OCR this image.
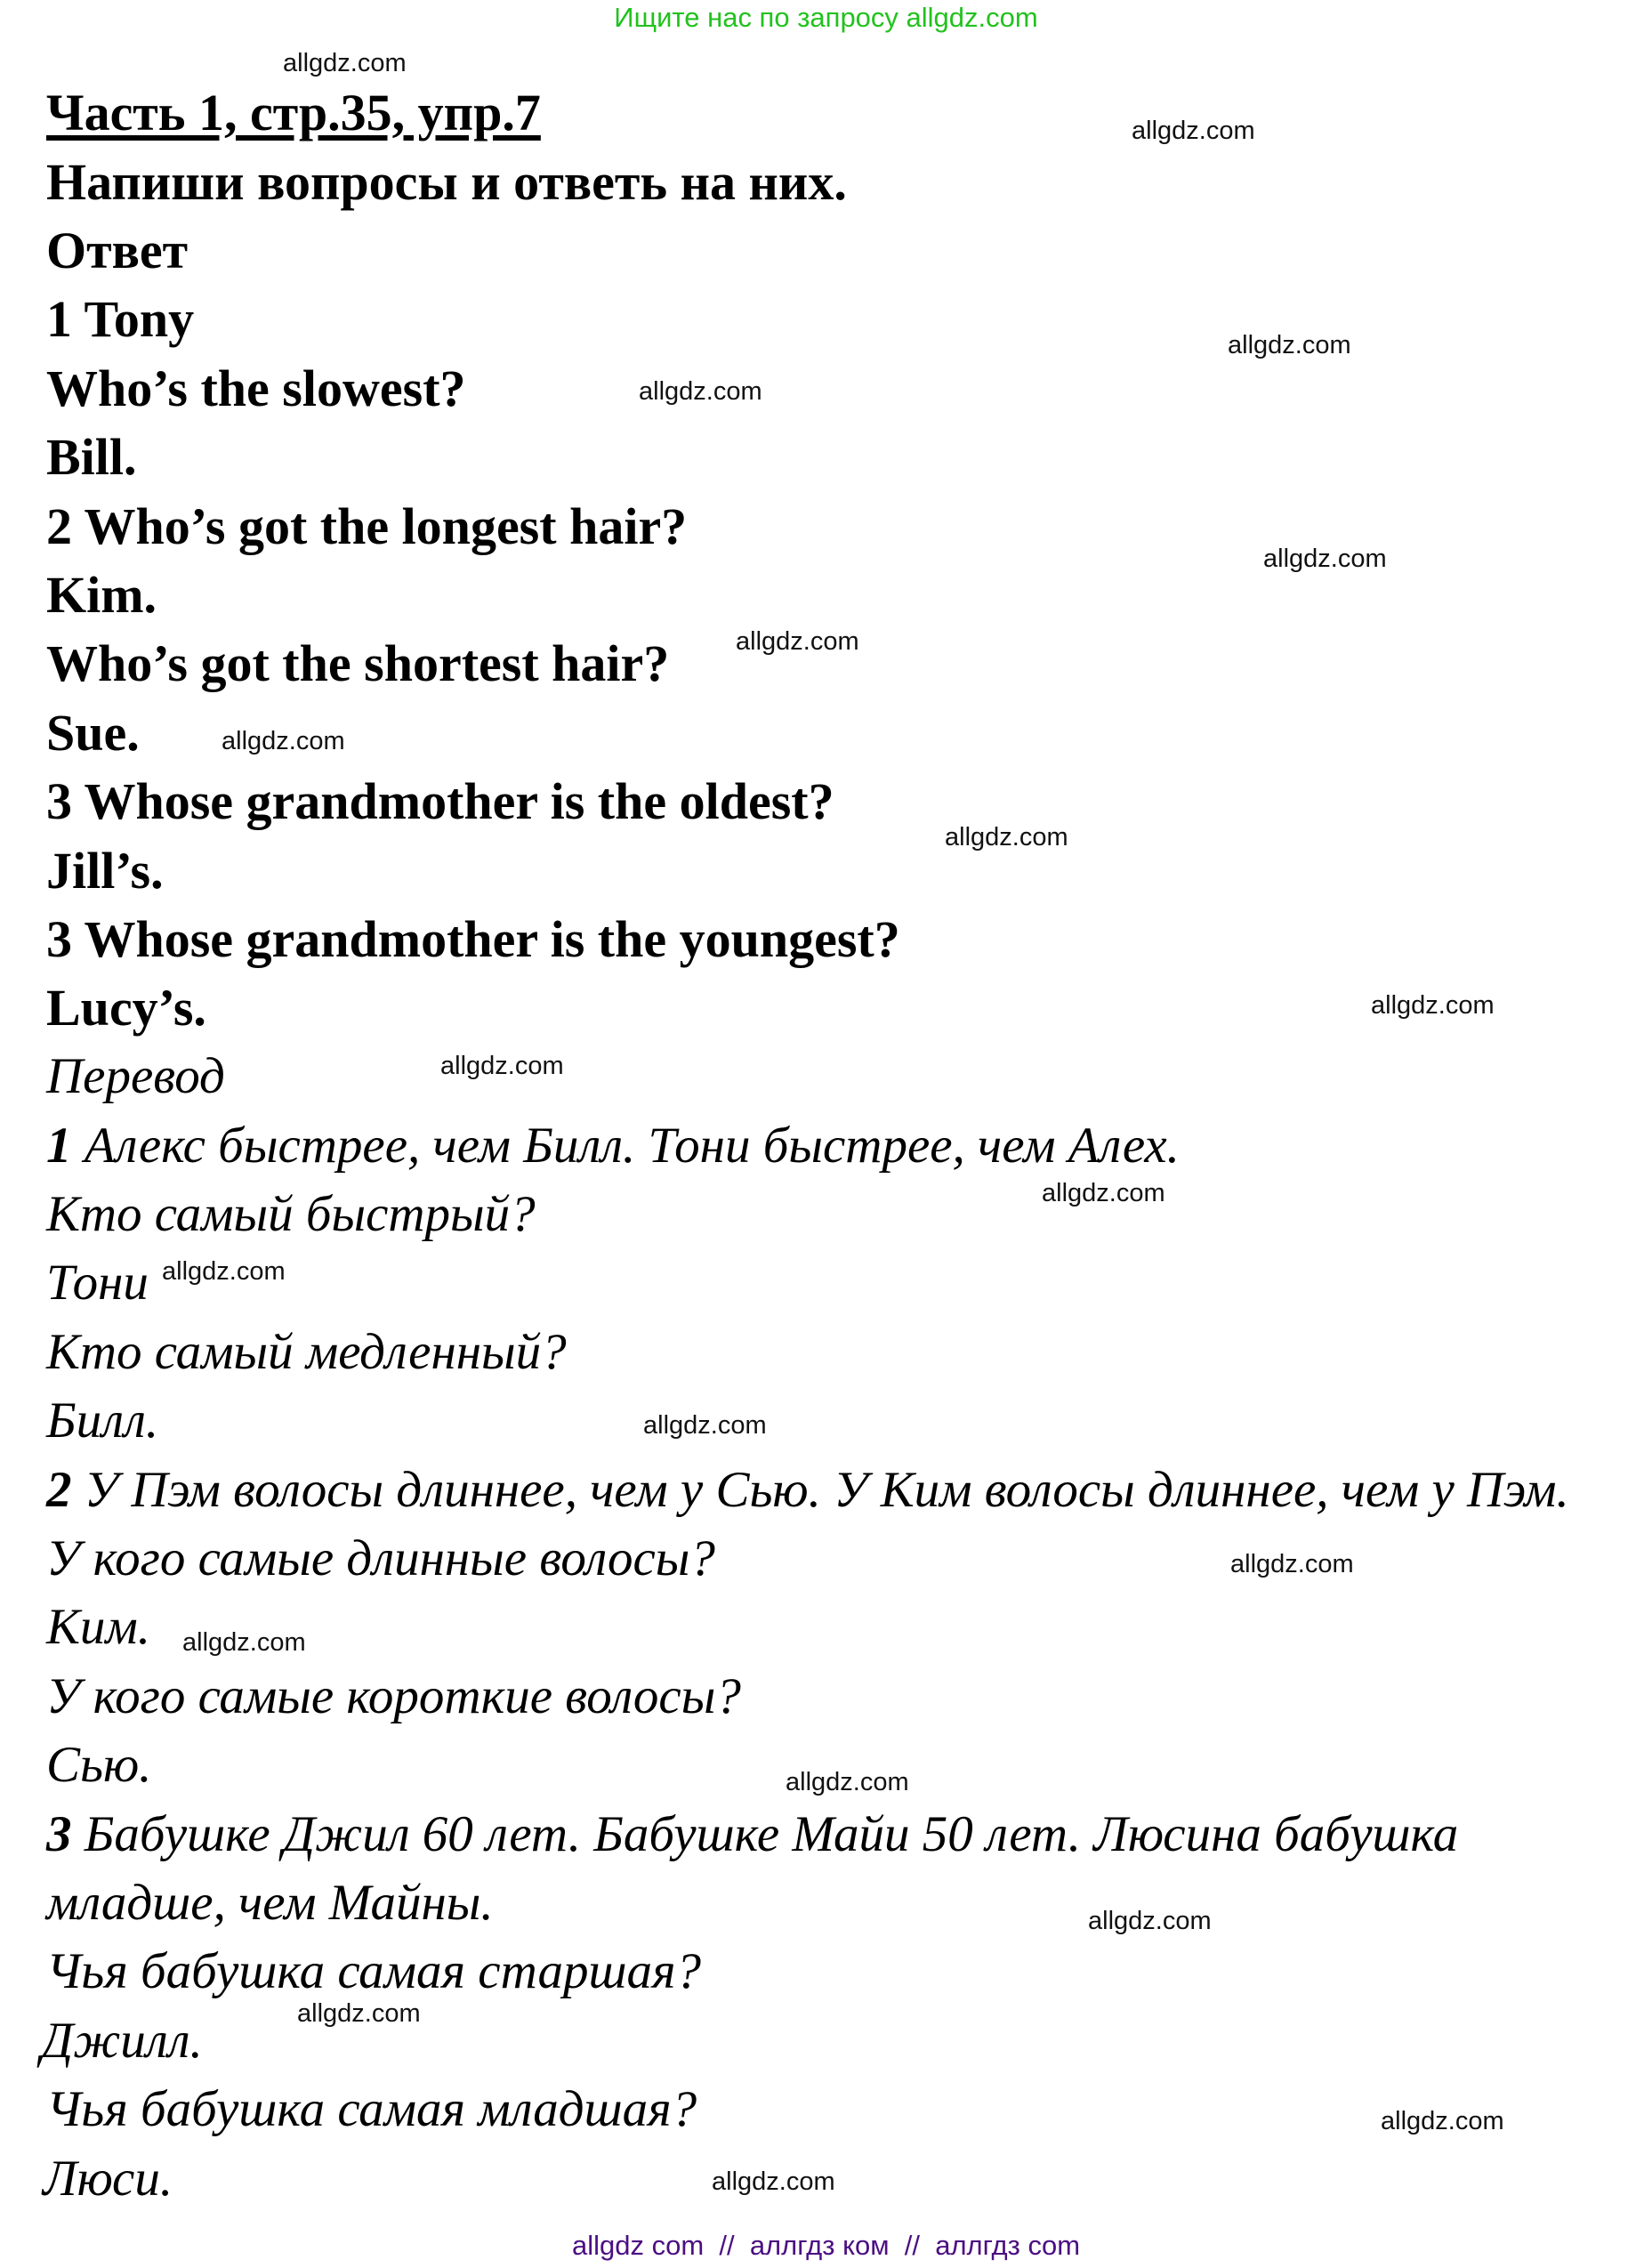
Ищите нас по запросу allgdz.com
Часть 1, стр.35, упр.7
Напиши вопросы и ответь на них.
Ответ
1 Tony
Who’s the slowest?
Bill.
2 Who’s got the longest hair?
Kim.
Who’s got the shortest hair?
Sue.
3 Whose grandmother is the oldest?
Jill’s.
3 Whose grandmother is the youngest?
Lucy’s.
Перевод
1 Алекс быстрее, чем Билл. Тони быстрее, чем Алех.
Кто самый быстрый?
Тони
Кто самый медленный?
Билл.
2 У Пэм волосы длиннее, чем у Сью. У Ким волосы длиннее, чем у Пэм.
У кого самые длинные волосы?
Ким.
У кого самые короткие волосы?
Сью.
3 Бабушке Джил 60 лет. Бабушке Майи 50 лет. Люсина бабушка
младше, чем Майны.
Чья бабушка самая старшая?
Джилл.
Чья бабушка самая младшая?
Люси.
allgdz.com
allgdz.com
allgdz.com
allgdz.com
allgdz.com
allgdz.com
allgdz.com
allgdz.com
allgdz.com
allgdz.com
allgdz.com
allgdz.com
allgdz.com
allgdz.com
allgdz.com
allgdz.com
allgdz.com
allgdz.com
allgdz.com
allgdz.com
allgdz com  //  аллгдз ком  //  аллгдз com
